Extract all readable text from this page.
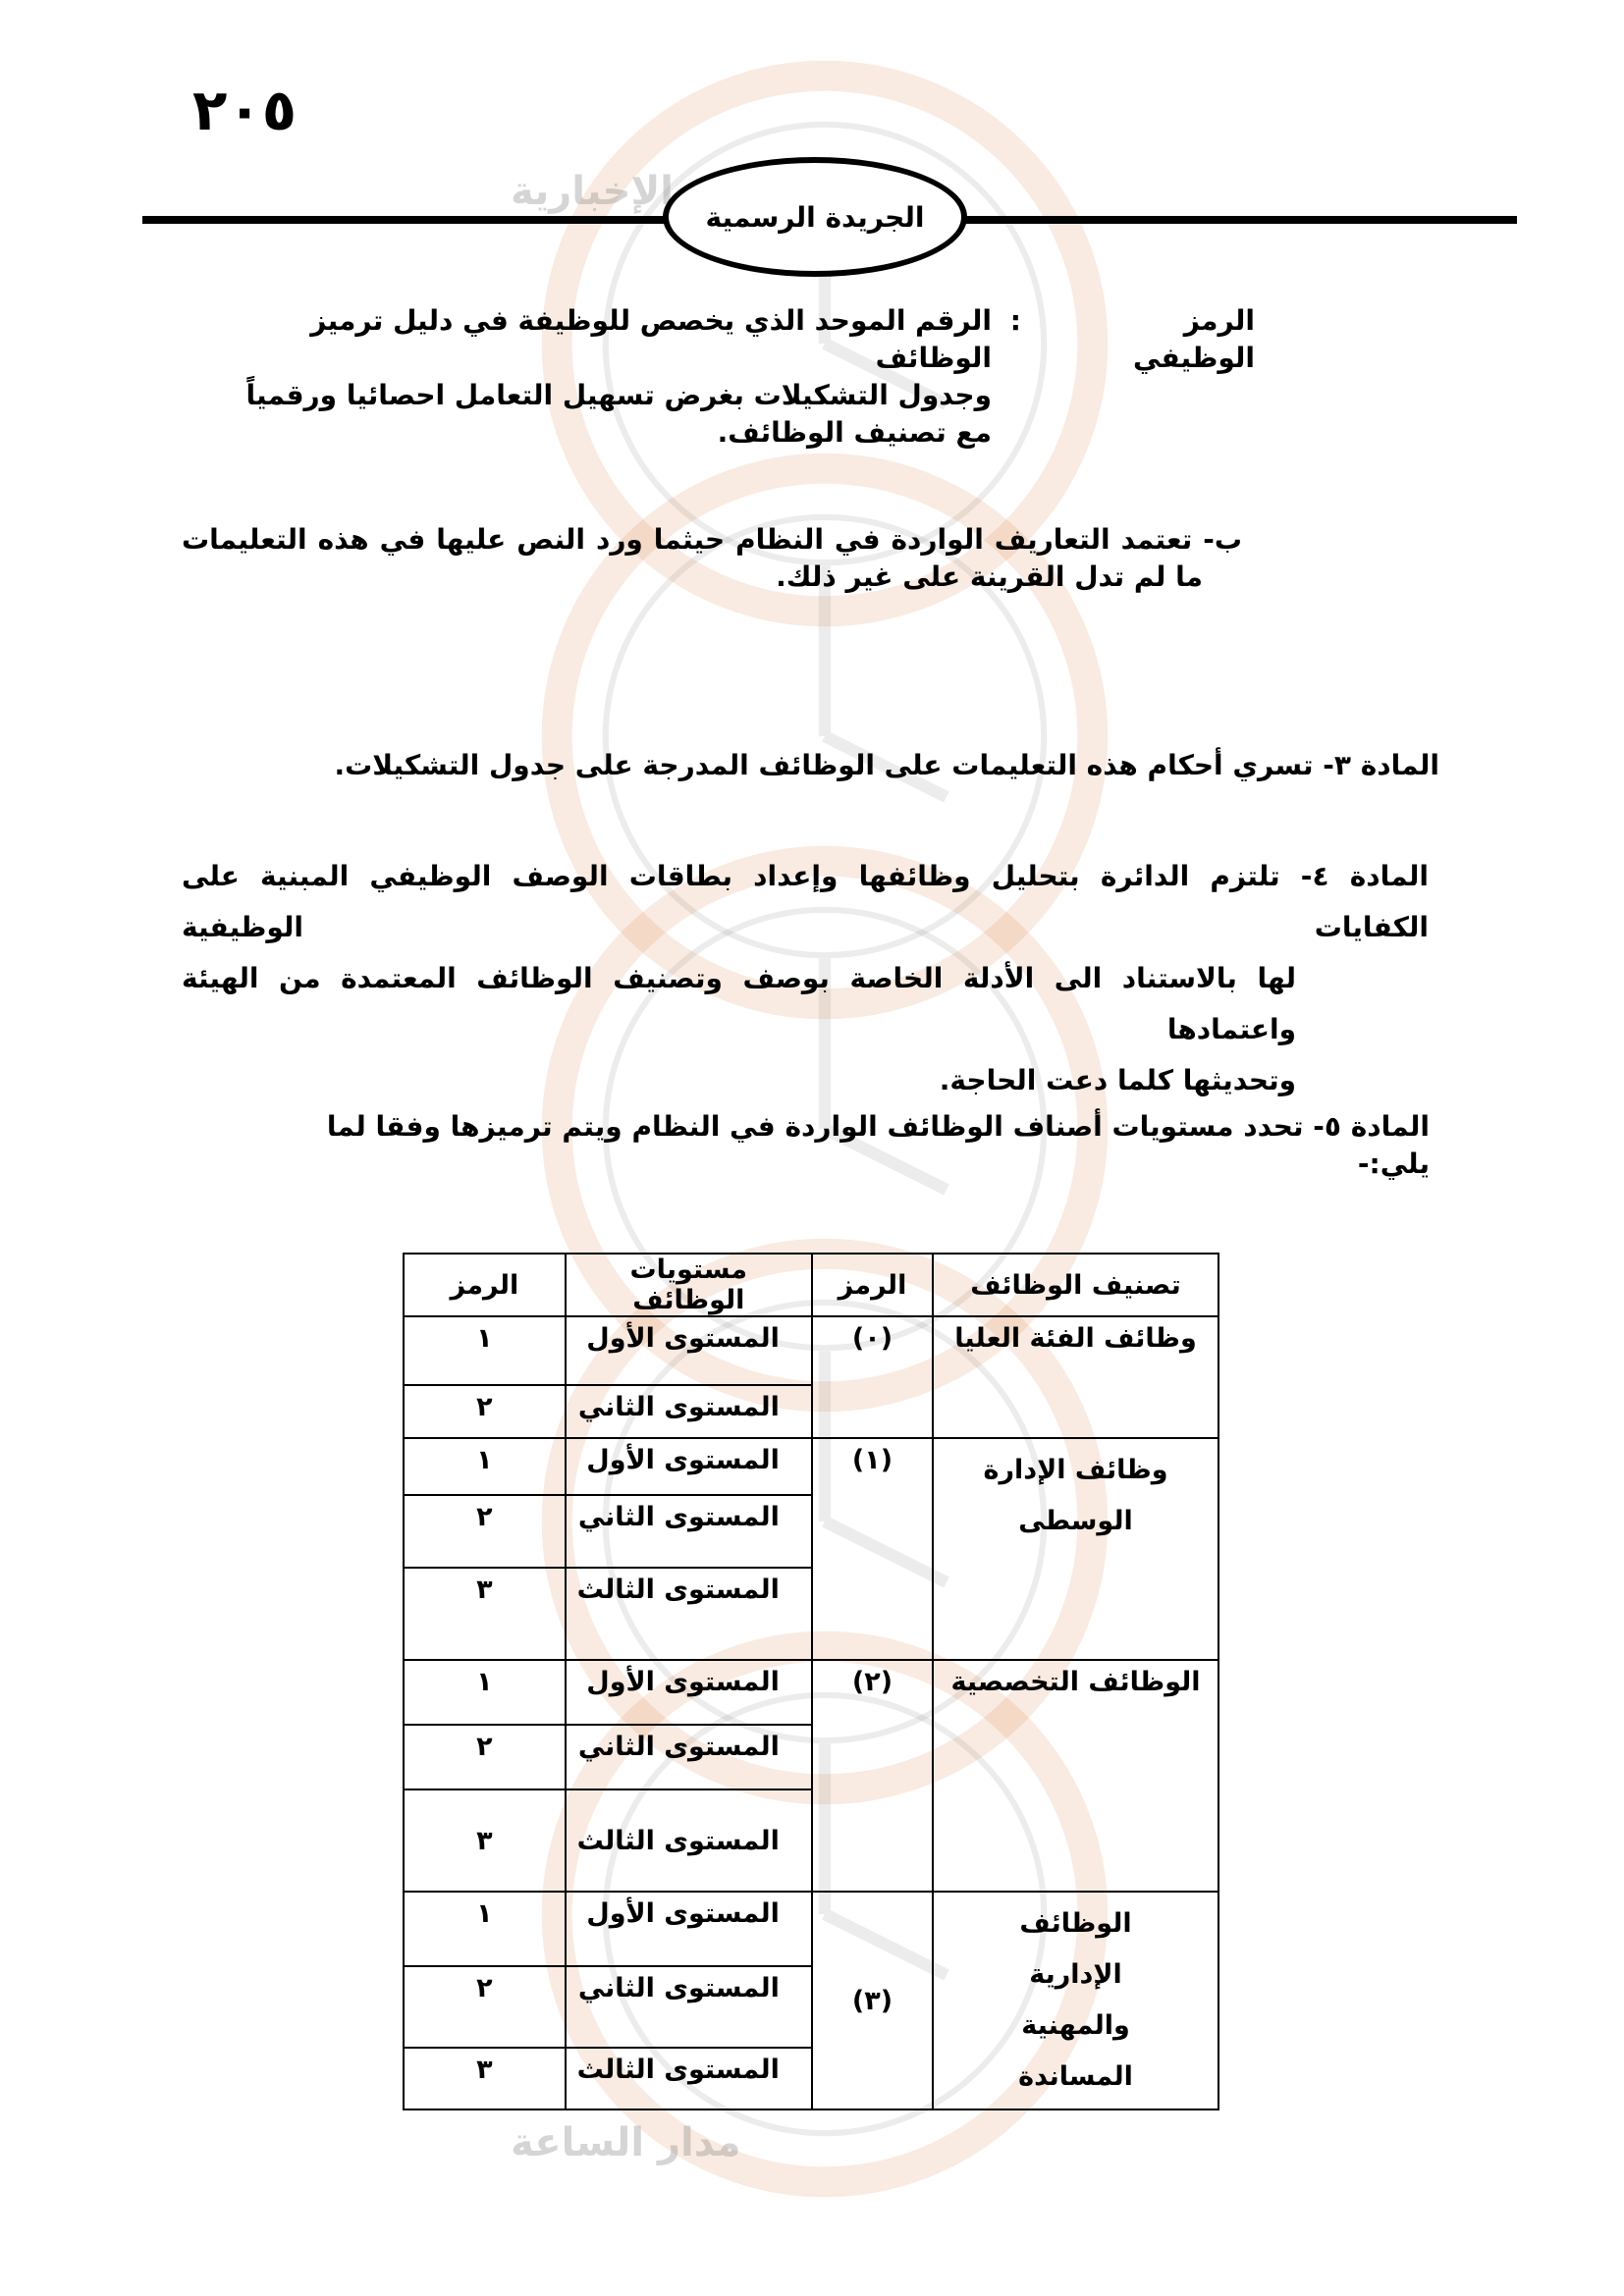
الإخبارية
٢٠٥
الجريدة الرسمية
الرمز الوظيفي
:
الرقم الموحد الذي يخصص للوظيفة في دليل ترميز الوظائف
وجدول التشكيلات بغرض تسهيل التعامل احصائيا ورقمياً
مع تصنيف الوظائف.
ب- تعتمد التعاريف الواردة في النظام حيثما ورد النص عليها في هذه التعليمات
ما لم تدل القرينة على غير ذلك.
المادة ٣- تسري أحكام هذه التعليمات على الوظائف المدرجة على جدول التشكيلات.
المادة ٤- تلتزم الدائرة بتحليل وظائفها وإعداد بطاقات الوصف الوظيفي المبنية على الكفايات الوظيفية
لها بالاستناد الى الأدلة الخاصة بوصف وتصنيف الوظائف المعتمدة من الهيئة واعتمادها
وتحديثها كلما دعت الحاجة.
المادة ٥- تحدد مستويات أصناف الوظائف الواردة في النظام ويتم ترميزها وفقا لما يلي:-
تصنيف الوظائف	الرمز	مستويات الوظائف	الرمز
وظائف الفئة العليا	(٠)	المستوى الأول	١
		المستوى الثاني	٢
وظائف الإدارة الوسطى	(١)	المستوى الأول	١
		المستوى الثاني	٢
		المستوى الثالث	٣
الوظائف التخصصية	(٢)	المستوى الأول	١
		المستوى الثاني	٢
		المستوى الثالث	٣
الوظائف الإدارية والمهنية المساندة	(٣)	المستوى الأول	١
		المستوى الثاني	٢
		المستوى الثالث	٣
مدار الساعة
